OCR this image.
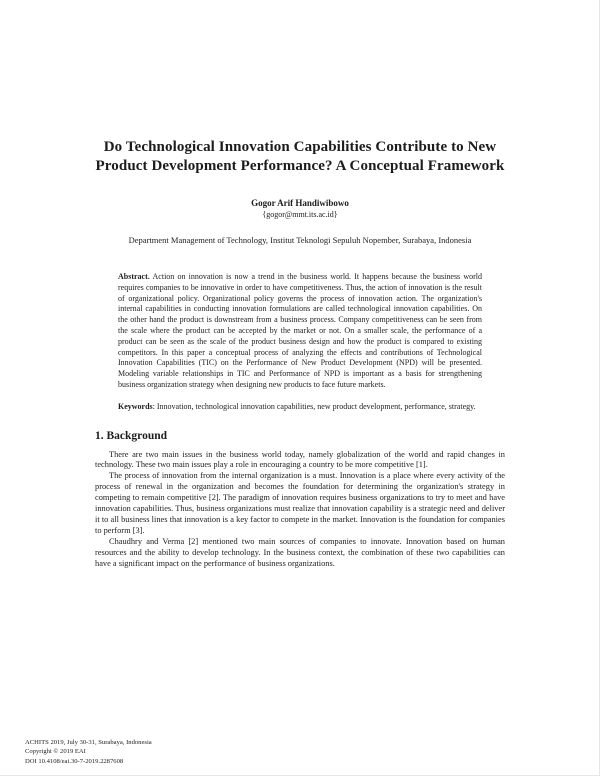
Do Technological Innovation Capabilities Contribute to New Product Development Performance? A Conceptual Framework
Gogor Arif Handiwibowo
{gogor@mmt.its.ac.id}
Department Management of Technology, Institut Teknologi Sepuluh Nopember, Surabaya, Indonesia

Abstract. Action on innovation is now a trend in the business world. It happens because the business world requires companies to be innovative in order to have competitiveness. Thus, the action of innovation is the result of organizational policy. Organizational policy governs the process of innovation action. The organization's internal capabilities in conducting innovation formulations are called technological innovation capabilities. On the other hand the product is downstream from a business process. Company competitiveness can be seen from the scale where the product can be accepted by the market or not. On a smaller scale, the performance of a product can be seen as the scale of the product business design and how the product is compared to existing competitors. In this paper a conceptual process of analyzing the effects and contributions of Technological Innovation Capabilities (TIC) on the Performance of New Product Development (NPD) will be presented. Modeling variable relationships in TIC and Performance of NPD is important as a basis for strengthening business organization strategy when designing new products to face future markets.

Keywords: Innovation, technological innovation capabilities, new product development, performance, strategy.

1. Background

There are two main issues in the business world today, namely globalization of the world and rapid changes in technology. These two main issues play a role in encouraging a country to be more competitive [1].

The process of innovation from the internal organization is a must. Innovation is a place where every activity of the process of renewal in the organization and becomes the foundation for determining the organization's strategy in competing to remain competitive [2]. The paradigm of innovation requires business organizations to try to meet and have innovation capabilities. Thus, business organizations must realize that innovation capability is a strategic need and deliver it to all business lines that innovation is a key factor to compete in the market. Innovation is the foundation for companies to perform [3].

Chaudhry and Verma [2] mentioned two main sources of companies to innovate. Innovation based on human resources and the ability to develop technology. In the business context, the combination of these two capabilities can have a significant impact on the performance of business organizations.

ACHITS 2019, July 30-31, Surabaya, Indonesia
Copyright © 2019 EAI
DOI 10.4108/eai.30-7-2019.2287608
